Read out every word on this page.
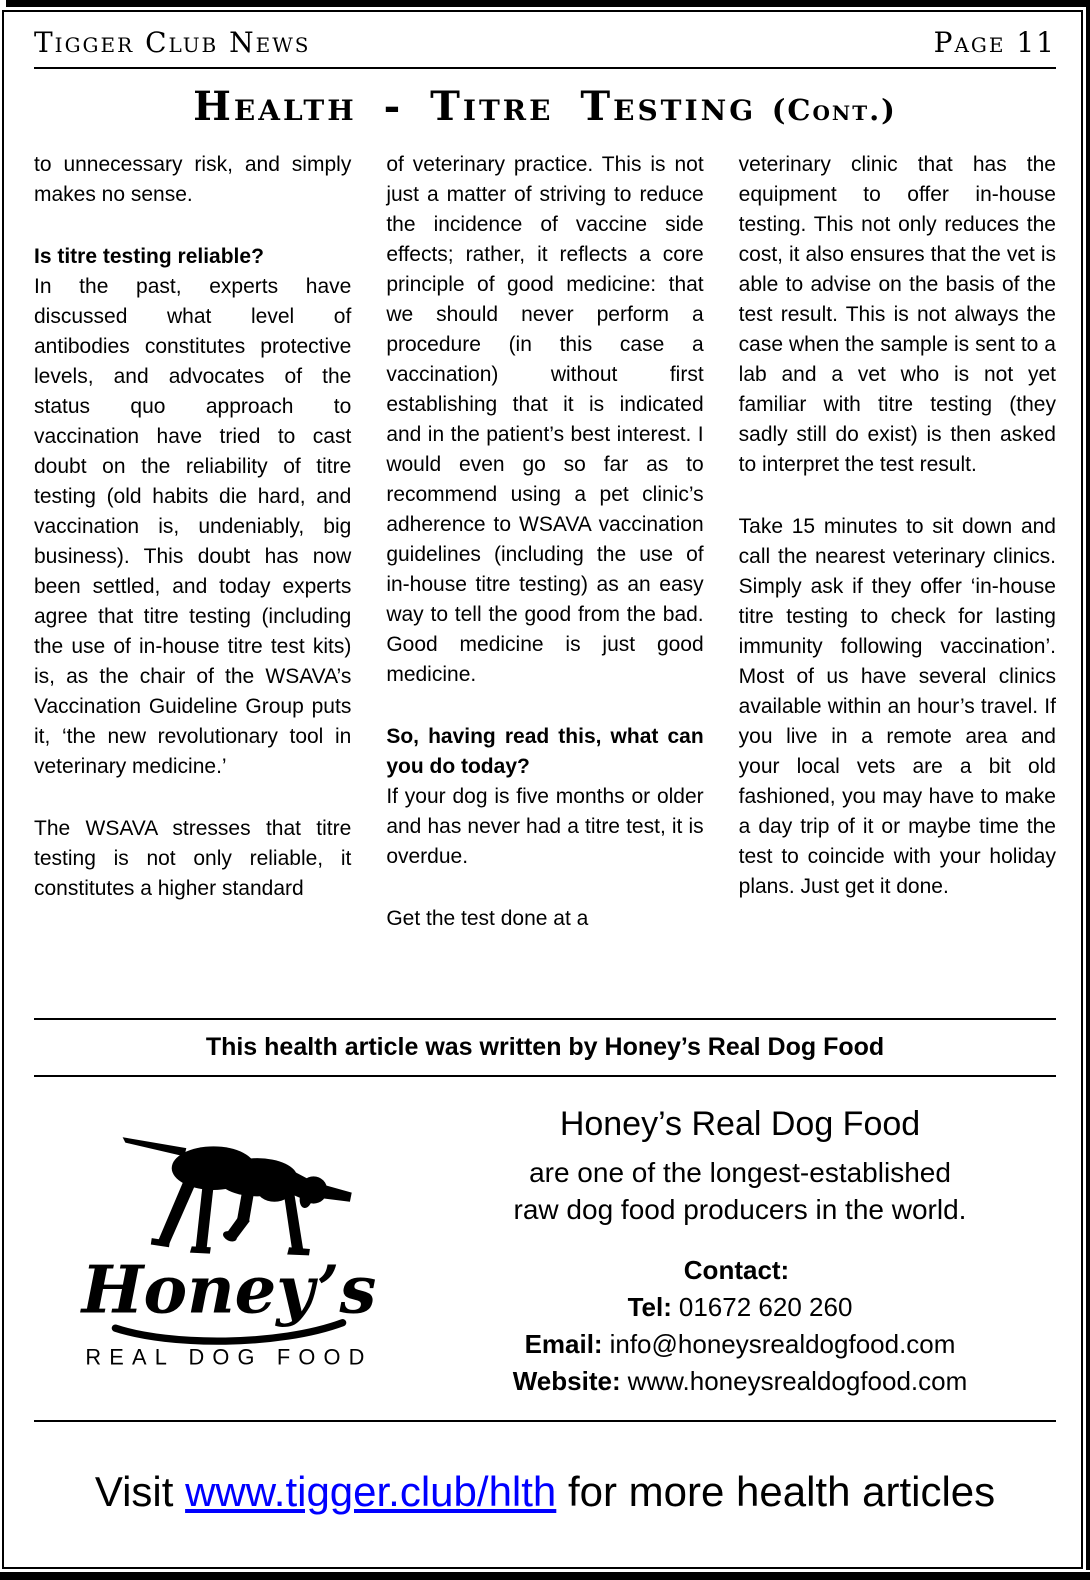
Tigger Club News	Page 11
Health - Titre Testing (Cont.)

to unnecessary risk, and simply makes no sense.

Is titre testing reliable?

In the past, experts have discussed what level of antibodies constitutes protective levels, and advocates of the status quo approach to vaccination have tried to cast doubt on the reliability of titre testing (old habits die hard, and vaccination is, undeniably, big business). This doubt has now been settled, and today experts agree that titre testing (including the use of in-house titre test kits) is, as the chair of the WSAVA’s Vaccination Guideline Group puts it, ‘the new revolutionary tool in veterinary medicine.’

The WSAVA stresses that titre testing is not only reliable, it constitutes a higher standard

of veterinary practice. This is not just a matter of striving to reduce the incidence of vaccine side effects; rather, it reflects a core principle of good medicine: that we should never perform a procedure (in this case a vaccination) without first establishing that it is indicated and in the patient’s best interest. I would even go so far as to recommend using a pet clinic’s adherence to WSAVA vaccination guidelines (including the use of in-house titre testing) as an easy way to tell the good from the bad. Good medicine is just good medicine.

So, having read this, what can you do today?

If your dog is five months or older and has never had a titre test, it is overdue.

Get the test done at a

veterinary clinic that has the equipment to offer in-house testing. This not only reduces the cost, it also ensures that the vet is able to advise on the basis of the test result. This is not always the case when the sample is sent to a lab and a vet who is not yet familiar with titre testing (they sadly still do exist) is then asked to interpret the test result.

Take 15 minutes to sit down and call the nearest veterinary clinics. Simply ask if they offer ‘in-house titre testing to check for lasting immunity following vaccination’. Most of us have several clinics available within an hour’s travel. If you live in a remote area and your local vets are a bit old fashioned, you may have to make a day trip of it or maybe time the test to coincide with your holiday plans. Just get it done.

This health article was written by Honey’s Real Dog Food
Honey’s
REAL DOG FOOD

Honey’s Real Dog Food

are one of the longest-established

raw dog food producers in the world.

Contact:
Tel: 01672 620 260
Email: info@honeysrealdogfood.com
Website: www.honeysrealdogfood.com
Visit www.tigger.club/hlth for more health articles
